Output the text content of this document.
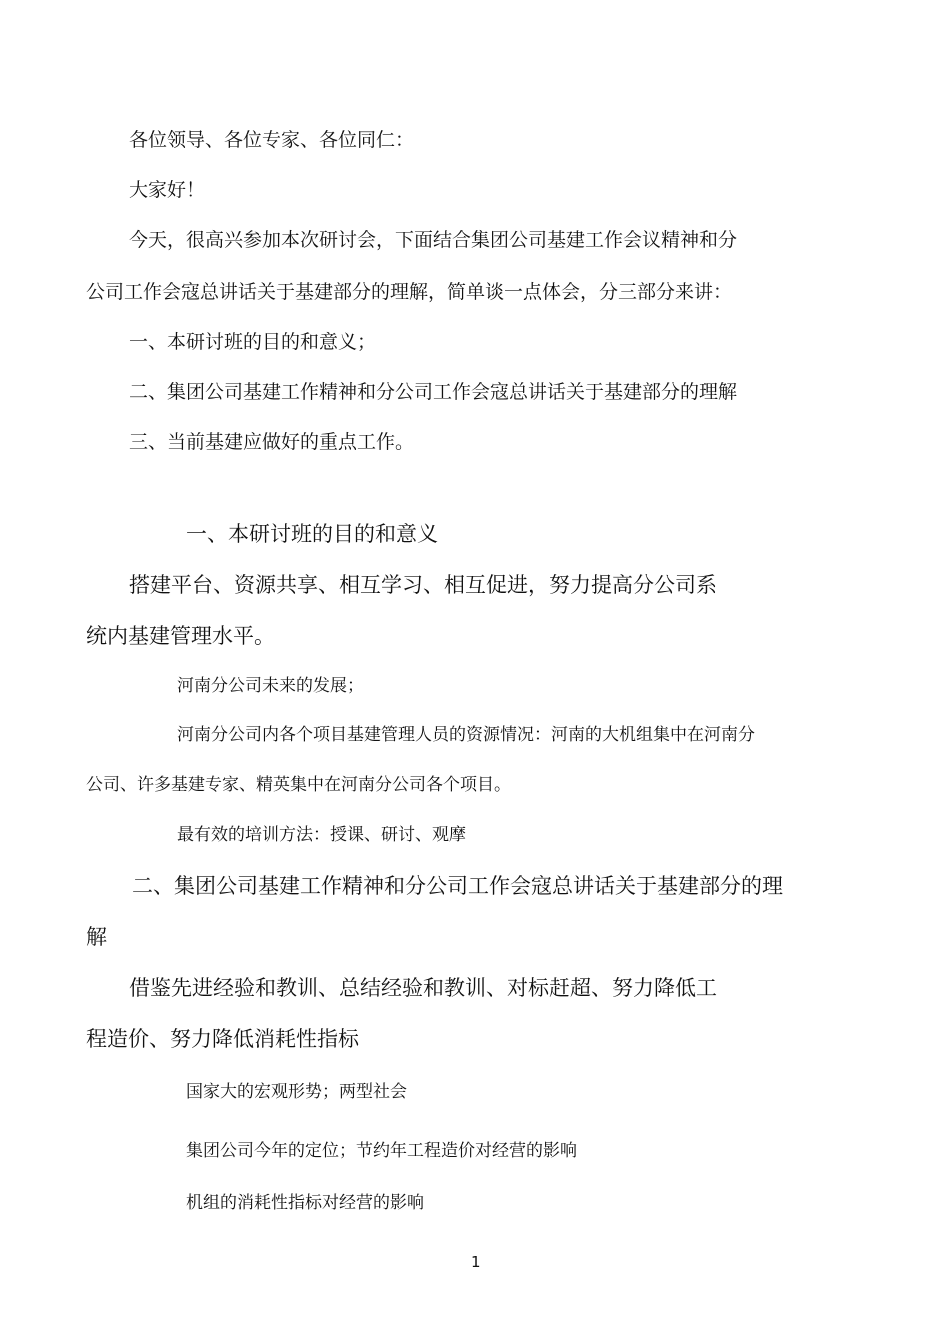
各位领导、各位专家、各位同仁：
大家好！
今天，很高兴参加本次研讨会，下面结合集团公司基建工作会议精神和分
公司工作会寇总讲话关于基建部分的理解，简单谈一点体会，分三部分来讲：
一、本研讨班的目的和意义；
二、集团公司基建工作精神和分公司工作会寇总讲话关于基建部分的理解
三、当前基建应做好的重点工作。
一、本研讨班的目的和意义
搭建平台、资源共享、相互学习、相互促进，努力提高分公司系
统内基建管理水平。
河南分公司未来的发展；
河南分公司内各个项目基建管理人员的资源情况：河南的大机组集中在河南分
公司、许多基建专家、精英集中在河南分公司各个项目。
最有效的培训方法：授课、研讨、观摩
二、集团公司基建工作精神和分公司工作会寇总讲话关于基建部分的理
解
借鉴先进经验和教训、总结经验和教训、对标赶超、努力降低工
程造价、努力降低消耗性指标
国家大的宏观形势；两型社会
集团公司今年的定位；节约年工程造价对经营的影响
机组的消耗性指标对经营的影响
1
